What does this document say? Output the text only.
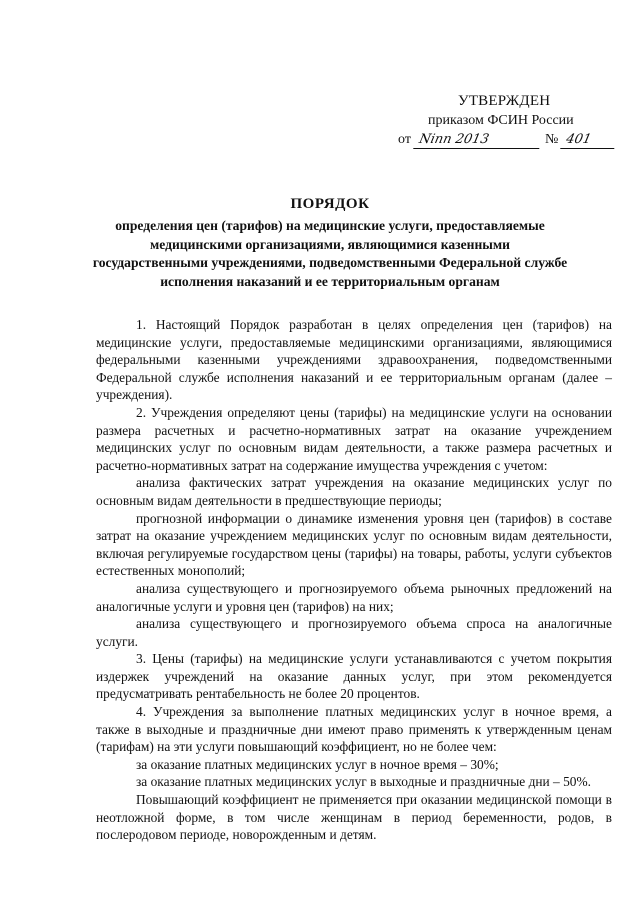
УТВЕРЖДЕН
приказом ФСИН России
от Ninn 2013	№ 401
ПОРЯДОК
определения цен (тарифов) на медицинские услуги, предоставляемые
медицинскими организациями, являющимися казенными
государственными учреждениями, подведомственными Федеральной службе
исполнения наказаний и ее территориальным органам

1. Настоящий Порядок разработан в целях определения цен (тарифов) на медицинские услуги, предоставляемые медицинскими организациями, являющимися федеральными казенными учреждениями здравоохранения, подведомственными Федеральной службе исполнения наказаний и ее территориальным органам (далее – учреждения).

2. Учреждения определяют цены (тарифы) на медицинские услуги на основании размера расчетных и расчетно-нормативных затрат на оказание учреждением медицинских услуг по основным видам деятельности, а также размера расчетных и расчетно-нормативных затрат на содержание имущества учреждения с учетом:

анализа фактических затрат учреждения на оказание медицинских услуг по основным видам деятельности в предшествующие периоды;

прогнозной информации о динамике изменения уровня цен (тарифов) в составе затрат на оказание учреждением медицинских услуг по основным видам деятельности, включая регулируемые государством цены (тарифы) на товары, работы, услуги субъектов естественных монополий;

анализа существующего и прогнозируемого объема рыночных предложений на аналогичные услуги и уровня цен (тарифов) на них;

анализа существующего и прогнозируемого объема спроса на аналогичные услуги.

3. Цены (тарифы) на медицинские услуги устанавливаются с учетом покрытия издержек учреждений на оказание данных услуг, при этом рекомендуется предусматривать рентабельность не более 20 процентов.

4. Учреждения за выполнение платных медицинских услуг в ночное время, а также в выходные и праздничные дни имеют право применять к утвержденным ценам (тарифам) на эти услуги повышающий коэффициент, но не более чем:

за оказание платных медицинских услуг в ночное время – 30%;

за оказание платных медицинских услуг в выходные и праздничные дни – 50%.

Повышающий коэффициент не применяется при оказании медицинской помощи в неотложной форме, в том числе женщинам в период беременности, родов, в послеродовом периоде, новорожденным и детям.
